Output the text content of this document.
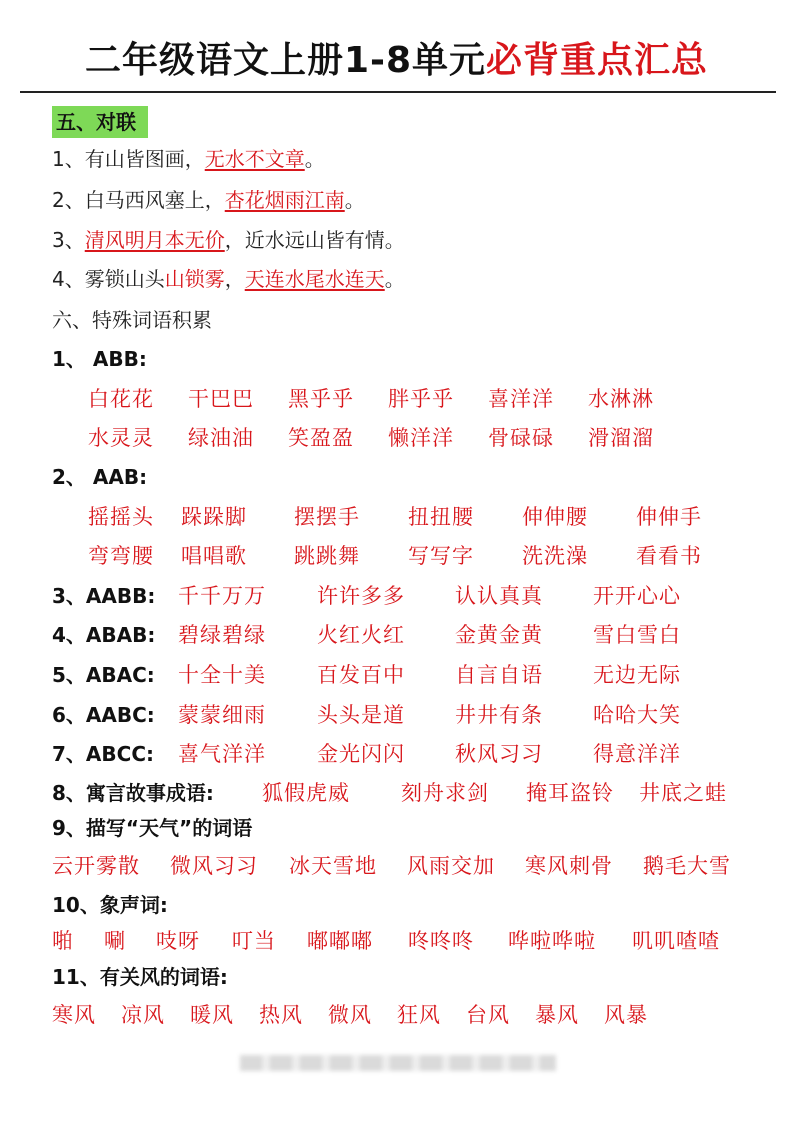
二年级语文上册1-8单元必背重点汇总
五、对联
1、有山皆图画，无水不文章。
2、白马西风塞上，杏花烟雨江南。
3、清风明月本无价，近水远山皆有情。
4、雾锁山头山锁雾，天连水尾水连天。
六、特殊词语积累
1、 ABB:
白花花 干巴巴 黑乎乎 胖乎乎 喜洋洋 水淋淋
水灵灵 绿油油 笑盈盈 懒洋洋 骨碌碌 滑溜溜
2、 AAB:
摇摇头 跺跺脚 摆摆手 扭扭腰 伸伸腰 伸伸手
弯弯腰 唱唱歌 跳跳舞 写写字 洗洗澡 看看书
3、AABB: 千千万万 许许多多 认认真真 开开心心
4、ABAB: 碧绿碧绿 火红火红 金黄金黄 雪白雪白
5、ABAC: 十全十美 百发百中 自言自语 无边无际
6、AABC: 蒙蒙细雨 头头是道 井井有条 哈哈大笑
7、ABCC: 喜气洋洋 金光闪闪 秋风习习 得意洋洋
8、寓言故事成语: 狐假虎威 刻舟求剑 掩耳盗铃 井底之蛙
9、描写“天气”的词语
云开雾散 微风习习 冰天雪地 风雨交加 寒风刺骨 鹅毛大雪
10、象声词:
啪 唰 吱呀 叮当 嘟嘟嘟 咚咚咚 哗啦哗啦 叽叽喳喳
11、有关风的词语:
寒风 凉风 暖风 热风 微风 狂风 台风 暴风 风暴
